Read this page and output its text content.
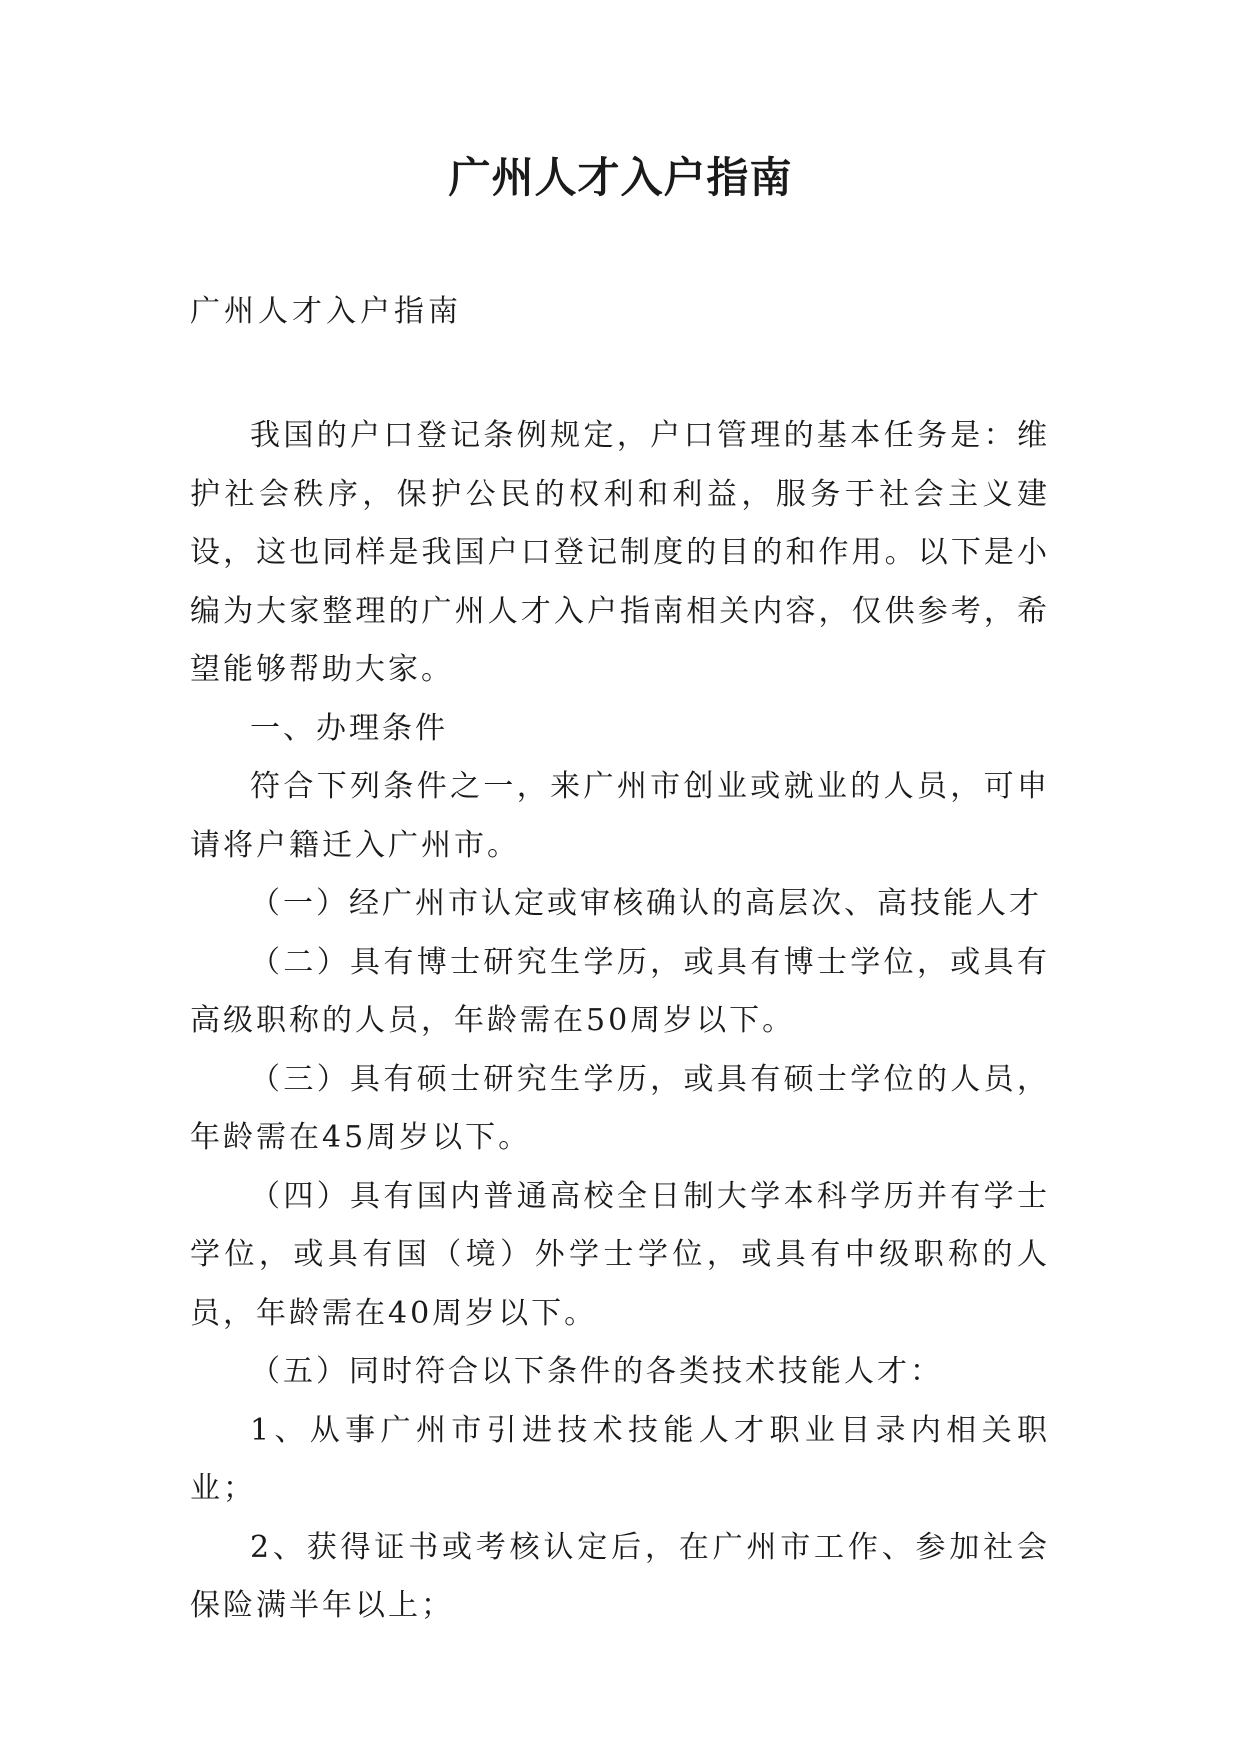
广州人才入户指南
广州人才入户指南

我国的户口登记条例规定，户口管理的基本任务是：维护社会秩序，保护公民的权利和利益，服务于社会主义建设，这也同样是我国户口登记制度的目的和作用。以下是小编为大家整理的广州人才入户指南相关内容，仅供参考，希望能够帮助大家。

一、办理条件

符合下列条件之一，来广州市创业或就业的人员，可申请将户籍迁入广州市。

（一）经广州市认定或审核确认的高层次、高技能人才

（二）具有博士研究生学历，或具有博士学位，或具有高级职称的人员，年龄需在50周岁以下。

（三）具有硕士研究生学历，或具有硕士学位的人员，年龄需在45周岁以下。

（四）具有国内普通高校全日制大学本科学历并有学士学位，或具有国（境）外学士学位，或具有中级职称的人员，年龄需在40周岁以下。

（五）同时符合以下条件的各类技术技能人才：

1、从事广州市引进技术技能人才职业目录内相关职业；

2、获得证书或考核认定后，在广州市工作、参加社会保险满半年以上；
